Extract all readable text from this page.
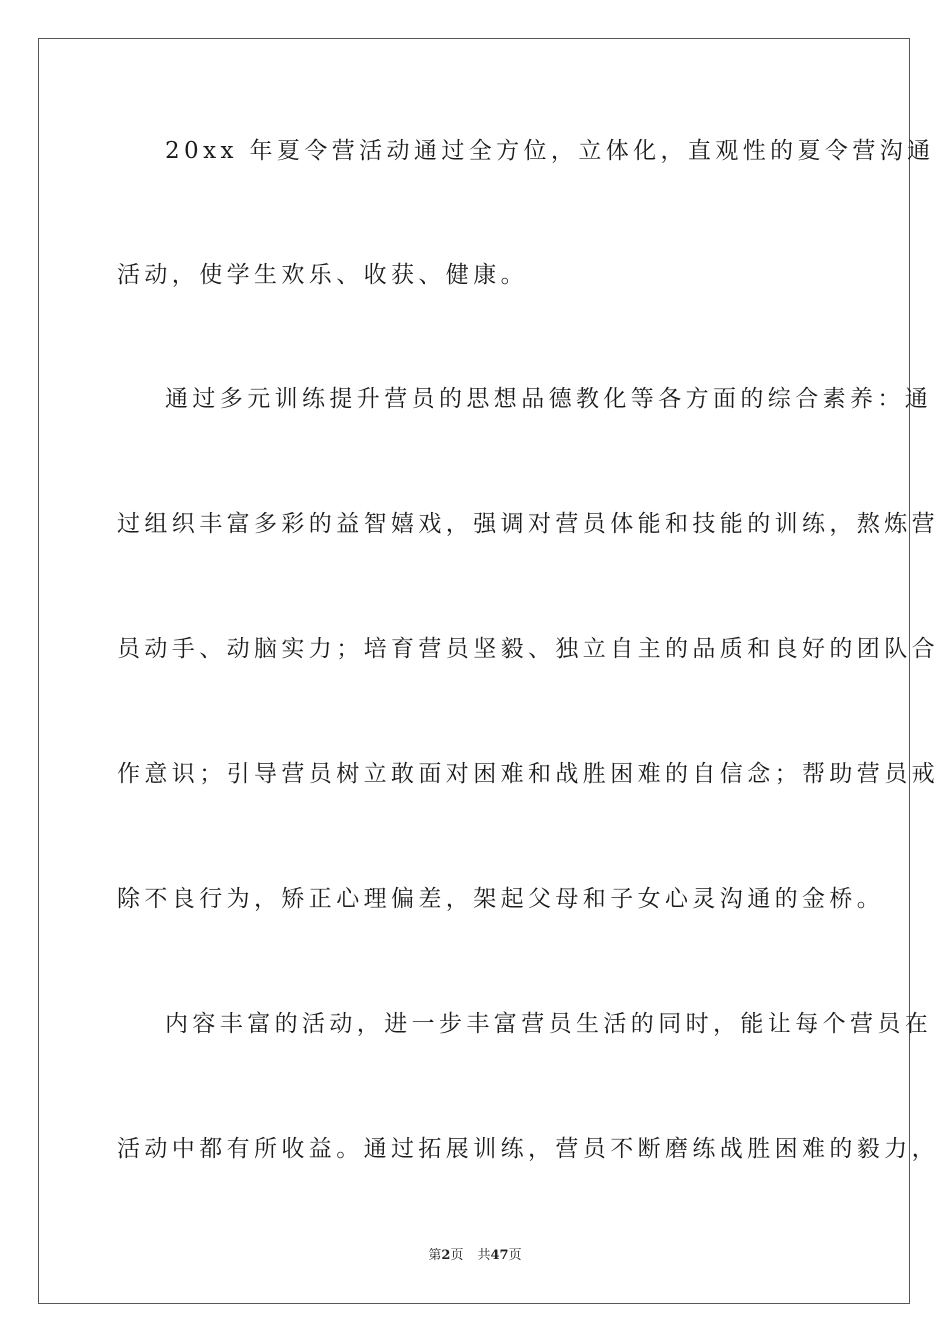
20xx 年夏令营活动通过全方位，立体化，直观性的夏令营沟通
活动，使学生欢乐、收获、健康。
通过多元训练提升营员的思想品德教化等各方面的综合素养：通
过组织丰富多彩的益智嬉戏，强调对营员体能和技能的训练，熬炼营
员动手、动脑实力；培育营员坚毅、独立自主的品质和良好的团队合
作意识；引导营员树立敢面对困难和战胜困难的自信念；帮助营员戒
除不良行为，矫正心理偏差，架起父母和子女心灵沟通的金桥。
内容丰富的活动，进一步丰富营员生活的同时，能让每个营员在
活动中都有所收益。通过拓展训练，营员不断磨练战胜困难的毅力，
第2页 共47页
